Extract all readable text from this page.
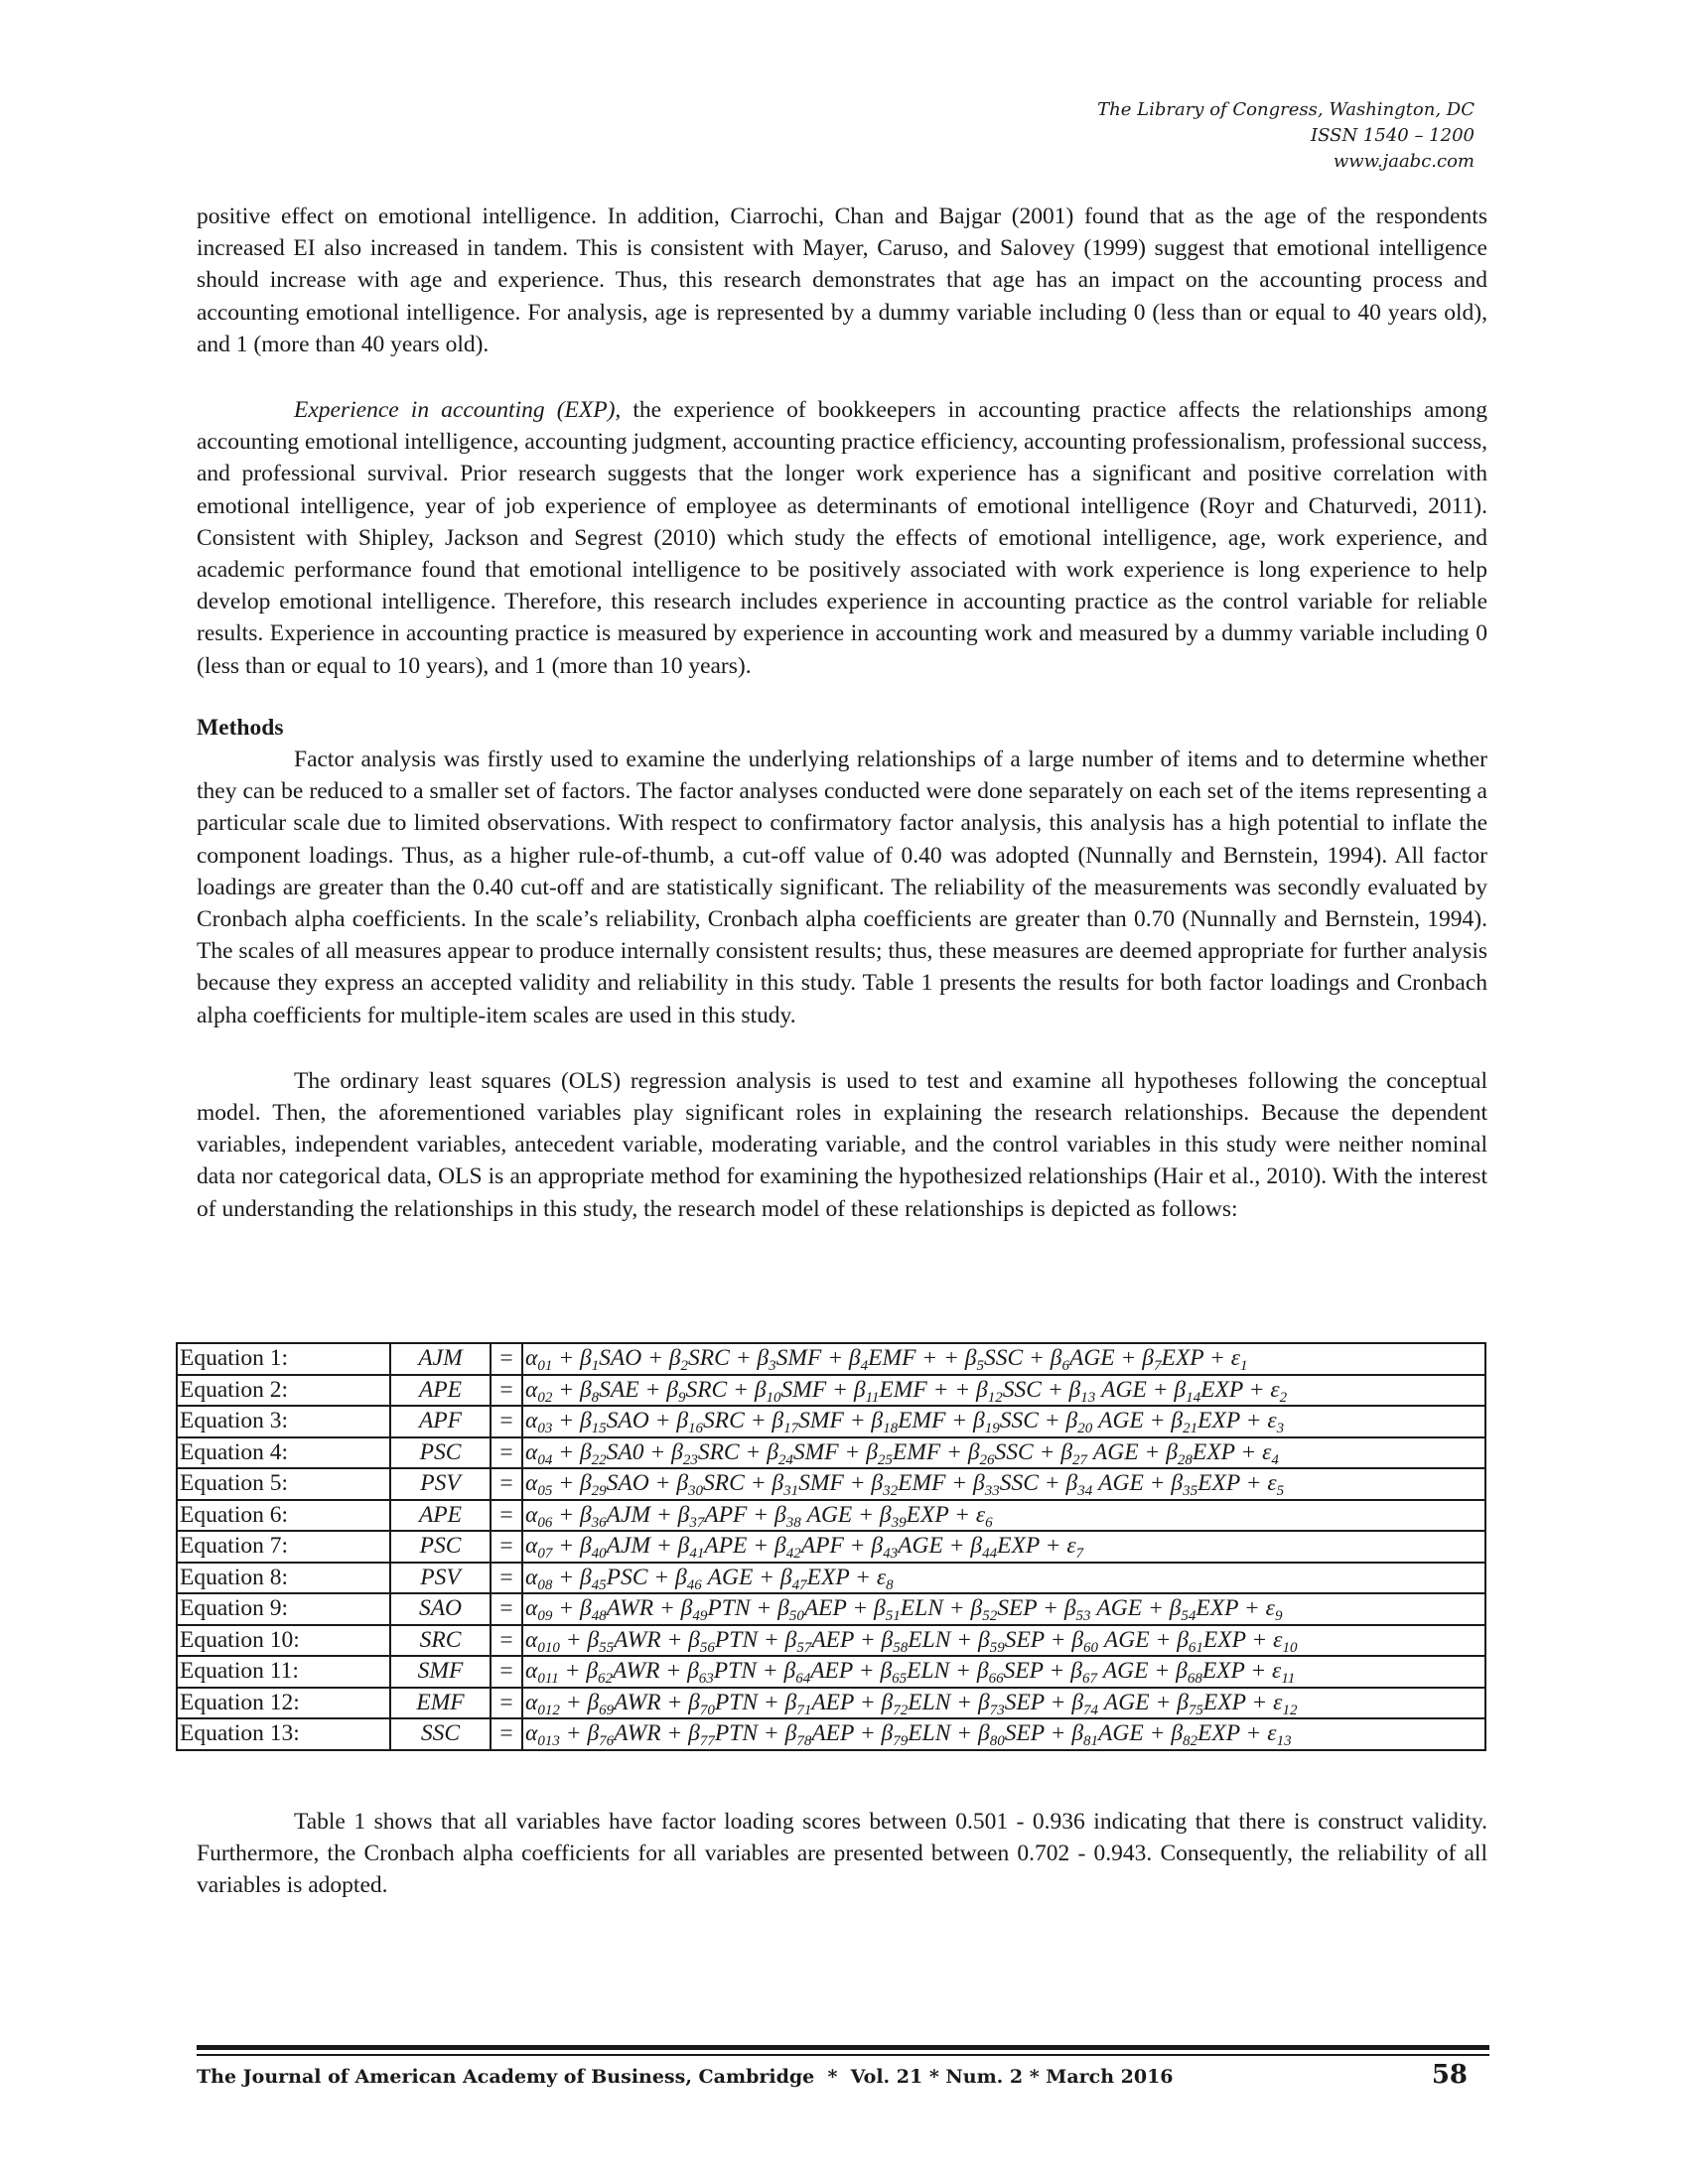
The Library of Congress, Washington, DC
ISSN 1540 – 1200
www.jaabc.com

positive effect on emotional intelligence. In addition, Ciarrochi, Chan and Bajgar (2001) found that as the age of the respondents increased EI also increased in tandem. This is consistent with Mayer, Caruso, and Salovey (1999) suggest that emotional intelligence should increase with age and experience. Thus, this research demonstrates that age has an impact on the accounting process and accounting emotional intelligence. For analysis, age is represented by a dummy variable including 0 (less than or equal to 40 years old), and 1 (more than 40 years old).

Experience in accounting (EXP), the experience of bookkeepers in accounting practice affects the relationships among accounting emotional intelligence, accounting judgment, accounting practice efficiency, accounting professionalism, professional success, and professional survival. Prior research suggests that the longer work experience has a significant and positive correlation with emotional intelligence, year of job experience of employee as determinants of emotional intelligence (Royr and Chaturvedi, 2011). Consistent with Shipley, Jackson and Segrest (2010) which study the effects of emotional intelligence, age, work experience, and academic performance found that emotional intelligence to be positively associated with work experience is long experience to help develop emotional intelligence. Therefore, this research includes experience in accounting practice as the control variable for reliable results. Experience in accounting practice is measured by experience in accounting work and measured by a dummy variable including 0 (less than or equal to 10 years), and 1 (more than 10 years).

Methods

Factor analysis was firstly used to examine the underlying relationships of a large number of items and to determine whether they can be reduced to a smaller set of factors. The factor analyses conducted were done separately on each set of the items representing a particular scale due to limited observations. With respect to confirmatory factor analysis, this analysis has a high potential to inflate the component loadings. Thus, as a higher rule-of-thumb, a cut-off value of 0.40 was adopted (Nunnally and Bernstein, 1994). All factor loadings are greater than the 0.40 cut-off and are statistically significant. The reliability of the measurements was secondly evaluated by Cronbach alpha coefficients. In the scale’s reliability, Cronbach alpha coefficients are greater than 0.70 (Nunnally and Bernstein, 1994). The scales of all measures appear to produce internally consistent results; thus, these measures are deemed appropriate for further analysis because they express an accepted validity and reliability in this study. Table 1 presents the results for both factor loadings and Cronbach alpha coefficients for multiple-item scales are used in this study.

The ordinary least squares (OLS) regression analysis is used to test and examine all hypotheses following the conceptual model. Then, the aforementioned variables play significant roles in explaining the research relationships. Because the dependent variables, independent variables, antecedent variable, moderating variable, and the control variables in this study were neither nominal data nor categorical data, OLS is an appropriate method for examining the hypothesized relationships (Hair et al., 2010). With the interest of understanding the relationships in this study, the research model of these relationships is depicted as follows:

Equation 1:	AJM	=	$\alpha_{01} + \beta_1SAO + \beta_2SRC + \beta_3SMF + \beta_4EMF$ + + $\beta_5SSC + \beta_6AGE + \beta_7EXP + \varepsilon_1$
Equation 2:	APE	=	$\alpha_{02} + \beta_8SAE + \beta_9SRC + \beta_{10}SMF + \beta_{11}EMF$ + + $\beta_{12}SSC + \beta_{13}$ AGE + $\beta_{14}EXP + \varepsilon_2$
Equation 3:	APF	=	$\alpha_{03} + \beta_{15}SAO + \beta_{16}SRC + \beta_{17}SMF + \beta_{18}EMF + \beta_{19}SSC + \beta_{20}$ AGE + $\beta_{21}EXP + \varepsilon_3$
Equation 4:	PSC	=	$\alpha_{04} + \beta_{22}SA0 + \beta_{23}SRC + \beta_{24}SMF + \beta_{25}EMF + \beta_{26}SSC + \beta_{27}$ AGE + $\beta_{28}EXP + \varepsilon_4$
Equation 5:	PSV	=	$\alpha_{05} + \beta_{29}SAO + \beta_{30}SRC + \beta_{31}SMF + \beta_{32}EMF + \beta_{33}SSC + \beta_{34}$ AGE + $\beta_{35}EXP + \varepsilon_5$
Equation 6:	APE	=	$\alpha_{06} + \beta_{36}AJM + \beta_{37}APF + \beta_{38}$ AGE + $\beta_{39}EXP + \varepsilon_6$
Equation 7:	PSC	=	$\alpha_{07} + \beta_{40}AJM + \beta_{41}APE + \beta_{42}APF + \beta_{43}AGE + \beta_{44}EXP + \varepsilon_7$
Equation 8:	PSV	=	$\alpha_{08} + \beta_{45}PSC + \beta_{46}$ AGE + $\beta_{47}EXP + \varepsilon_8$
Equation 9:	SAO	=	$\alpha_{09} + \beta_{48}AWR + \beta_{49}PTN + \beta_{50}AEP + \beta_{51}ELN + \beta_{52}SEP + \beta_{53}$ AGE + $\beta_{54}EXP + \varepsilon_9$
Equation 10:	SRC	=	$\alpha_{010} + \beta_{55}AWR + \beta_{56}PTN + \beta_{57}AEP + \beta_{58}ELN + \beta_{59}SEP + \beta_{60}$ AGE + $\beta_{61}EXP + \varepsilon_{10}$
Equation 11:	SMF	=	$\alpha_{011} + \beta_{62}AWR + \beta_{63}PTN + \beta_{64}AEP + \beta_{65}ELN + \beta_{66}SEP + \beta_{67}$ AGE + $\beta_{68}EXP + \varepsilon_{11}$
Equation 12:	EMF	=	$\alpha_{012} + \beta_{69}AWR + \beta_{70}PTN + \beta_{71}AEP + \beta_{72}ELN + \beta_{73}SEP + \beta_{74}$ AGE + $\beta_{75}EXP + \varepsilon_{12}$
Equation 13:	SSC	=	$\alpha_{013} + \beta_{76}AWR + \beta_{77}PTN + \beta_{78}AEP + \beta_{79}ELN + \beta_{80}SEP + \beta_{81}AGE + \beta_{82}EXP + \varepsilon_{13}$

Table 1 shows that all variables have factor loading scores between 0.501 - 0.936 indicating that there is construct validity. Furthermore, the Cronbach alpha coefficients for all variables are presented between 0.702 - 0.943. Consequently, the reliability of all variables is adopted.

The Journal of American Academy of Business, Cambridge  *  Vol. 21 * Num. 2 * March 2016	58
